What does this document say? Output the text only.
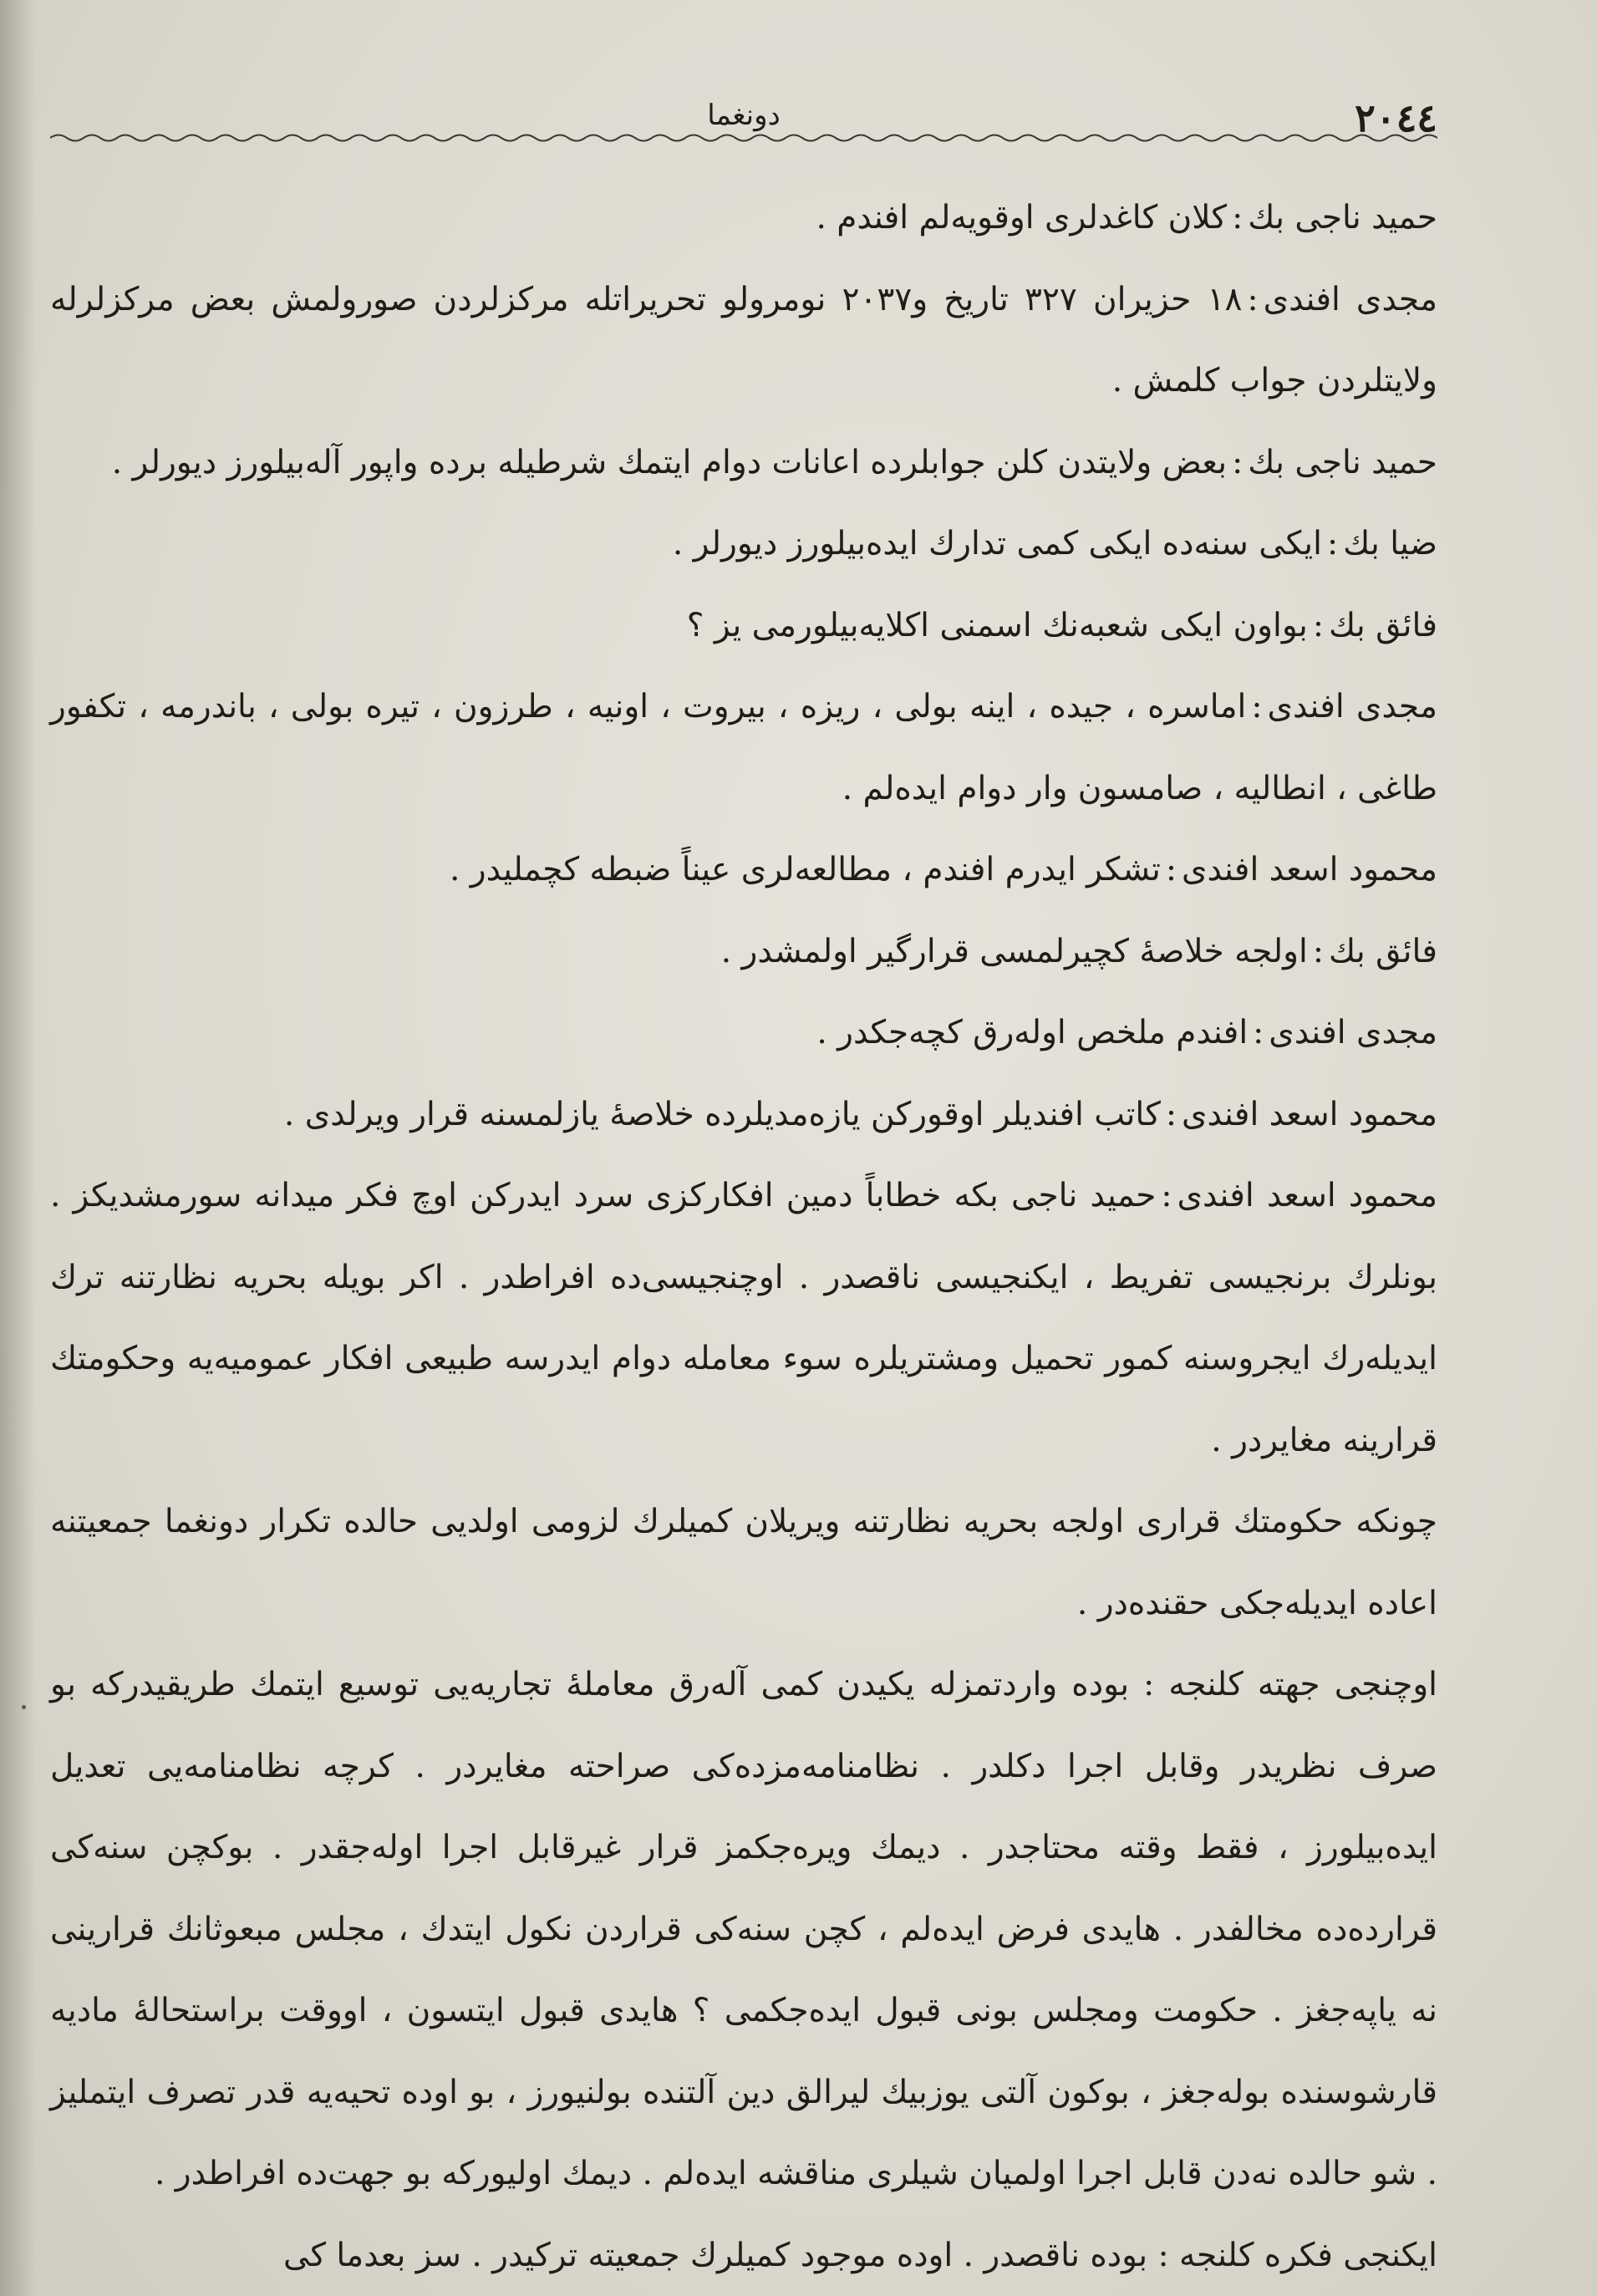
٢٠٤٤
دونغما

حميد ناجى بك:كلان كاغدلرى اوقويه‌لم افندم .

مجدى افندى:١٨ حزيران ٣٢٧ تاريخ و٢٠٣٧ نومرولو تحريراتله مركزلردن صورولمش بعض مركزلرله ولايتلردن جواب كلمش .

حميد ناجى بك:بعض ولايتدن كلن جوابلرده اعانات دوام ايتمك شرطيله برده واپور آله‌بيلورز ديورلر .

ضيا بك:ايكى سنه‌ده ايكى كمى تدارك ايده‌بيلورز ديورلر .

فائق بك:بواون ايكى شعبه‌نك اسمنى اكلايه‌بيلورمى يز ؟

مجدى افندى:اماسره ، جيده ، اينه بولى ، ريزه ، بيروت ، اونيه ، طرزون ، تيره بولى ، باندرمه ، تكفور طاغى ، انطاليه ، صامسون وار دوام ايدەلم .

محمود اسعد افندى:تشكر ايدرم افندم ، مطالعه‌لرى عيناً ضبطه كچمليدر .

فائق بك:اولجه خلاصهٔ كچيرلمسى قرارگير اولمشدر .

مجدى افندى:افندم ملخص اوله‌رق كچه‌جكدر .

محمود اسعد افندى:كاتب افنديلر اوقوركن يازه‌مديلرده خلاصهٔ يازلمسنه قرار ويرلدى .

محمود اسعد افندى:حميد ناجى بكه خطاباً دمين افكاركزى سرد ايدركن اوچ فكر ميدانه سورمشديكز . بونلرك برنجيسى تفريط ، ايكنجيسى ناقصدر . اوچنجيسى‌ده افراطدر . اكر بويله بحريه نظارتنه ترك ايديله‌رك ايجروسنه كمور تحميل ومشتريلره سوء معامله دوام ايدرسه طبيعى افكار عموميه‌يه وحكومتك قرارينه مغايردر .

چونكه حكومتك قرارى اولجه بحريه نظارتنه ويريلان كميلرك لزومى اولديى حالده تكرار دونغما جمعيتنه اعاده ايديله‌جكى حقنده‌در .

اوچنجى جهته كلنجه : بوده واردتمزله يكيدن كمى آله‌رق معاملهٔ تجاريه‌يى توسيع ايتمك طريقيدركه بو صرف نظريدر وقابل اجرا دكلدر . نظامنامه‌مزده‌كى صراحته مغايردر . كرچه نظامنامه‌يى تعديل ايده‌بيلورز ، فقط وقته محتاجدر . ديمك ويره‌جكمز قرار غيرقابل اجرا اوله‌جقدر . بوكچن سنه‌كى قرارده‌ده مخالفدر . هايدى فرض ايده‌لم ، كچن سنه‌كى قراردن نكول ايتدك ، مجلس مبعوثانك قرارينى نه ياپه‌جغز . حكومت ومجلس بونى قبول ايده‌جكمى ؟ هايدى قبول ايتسون ، اووقت براستحالهٔ ماديه قارشوسنده بوله‌جغز ، بوكون آلتى يوزبيك ليرالق دين آلتنده بولنيورز ، بو اوده تحيه‌يه قدر تصرف ايتمليز . شو حالده نه‌دن قابل اجرا اولميان شيلرى مناقشه ايده‌لم . ديمك اوليوركه بو جهت‌ده افراطدر .

ايكنجى فكره كلنجه : بوده ناقصدر . اوده موجود كميلرك جمعيته تركيدر . سز بعدما كى
